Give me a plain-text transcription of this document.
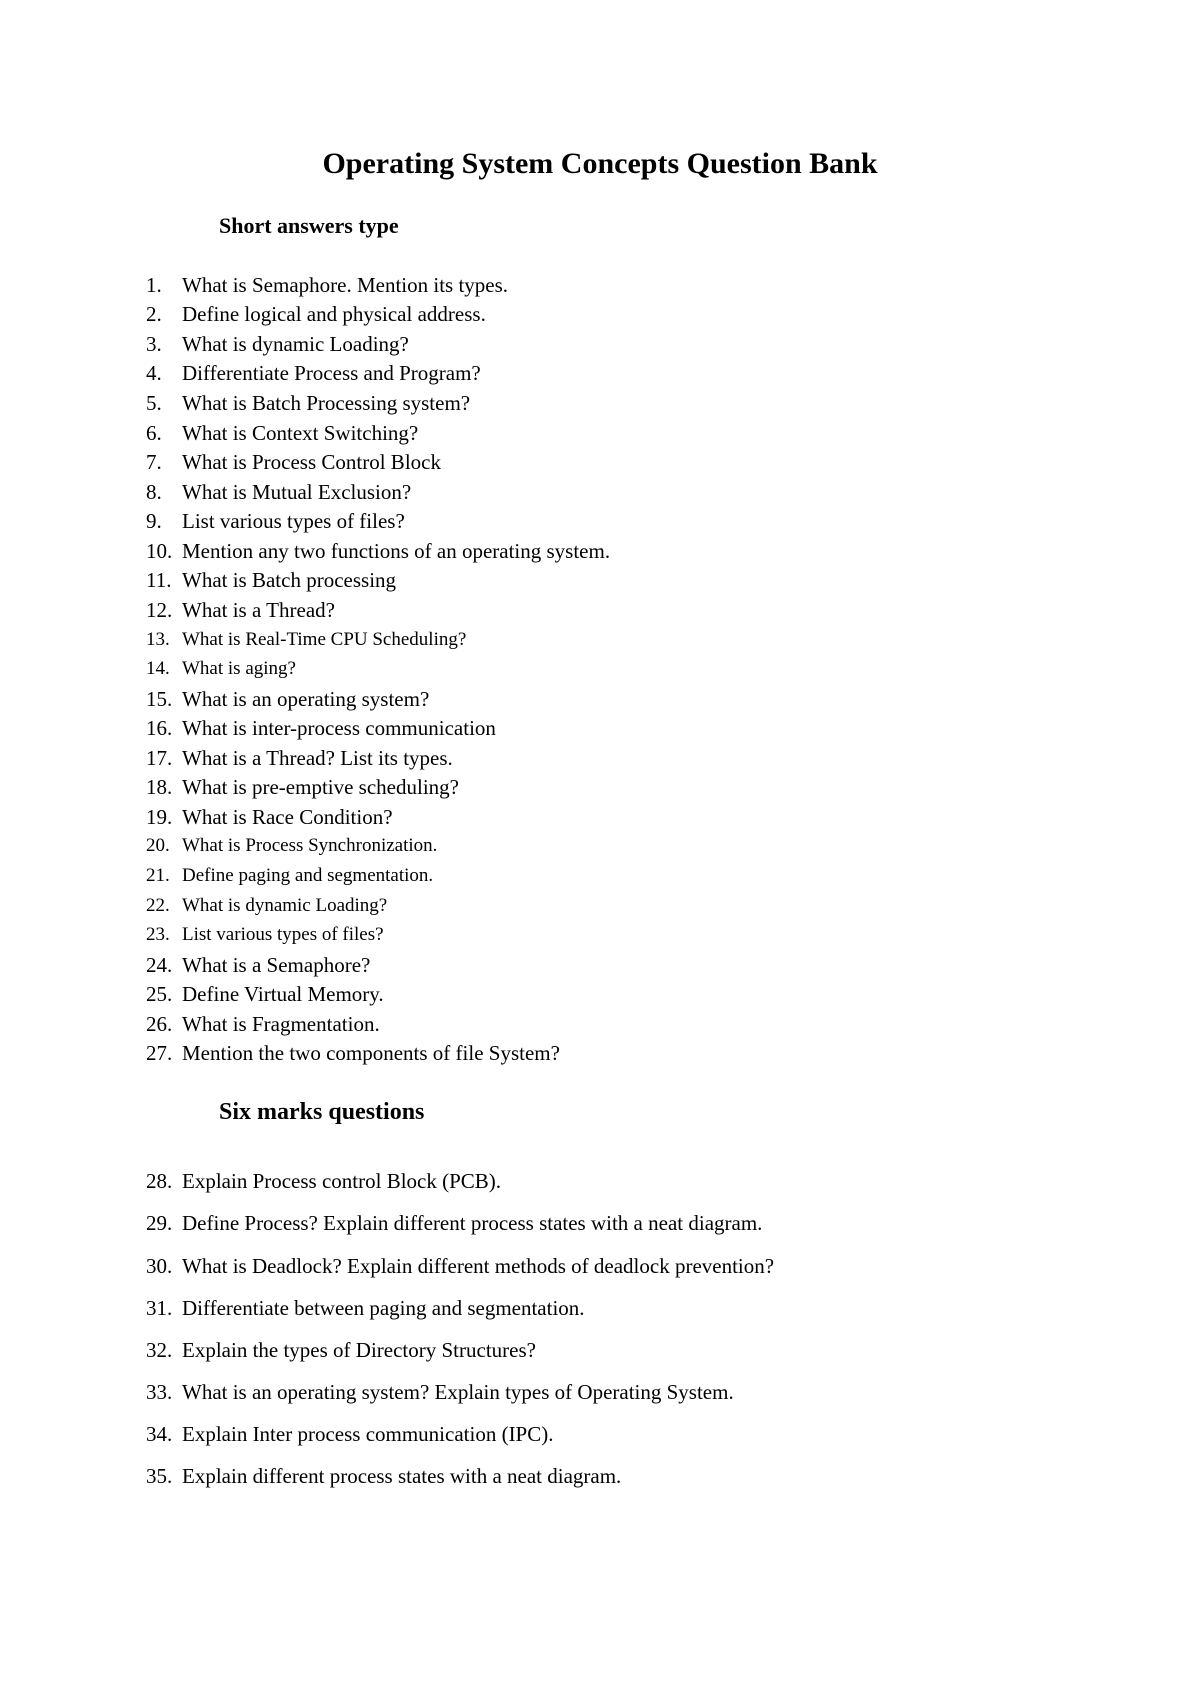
Operating System Concepts Question Bank
Short answers type
1. What is Semaphore. Mention its types.
2. Define logical and physical address.
3. What is dynamic Loading?
4. Differentiate Process and Program?
5. What is Batch Processing system?
6. What is Context Switching?
7. What is Process Control Block
8. What is Mutual Exclusion?
9. List various types of files?
10. Mention any two functions of an operating system.
11. What is Batch processing
12. What is a Thread?
13. What is Real-Time CPU Scheduling?
14. What is aging?
15. What is an operating system?
16. What is inter-process communication
17. What is a Thread? List its types.
18. What is pre-emptive scheduling?
19. What is Race Condition?
20. What is Process Synchronization.
21. Define paging and segmentation.
22. What is dynamic Loading?
23. List various types of files?
24. What is a Semaphore?
25. Define Virtual Memory.
26. What is Fragmentation.
27. Mention the two components of file System?
28. Explain Process control Block (PCB).
29. Define Process? Explain different process states with a neat diagram.
30. What is Deadlock? Explain different methods of deadlock prevention?
31. Differentiate between paging and segmentation.
32. Explain the types of Directory Structures?
33. What is an operating system? Explain types of Operating System.
34. Explain Inter process communication (IPC).
35. Explain different process states with a neat diagram.
Six marks questions
